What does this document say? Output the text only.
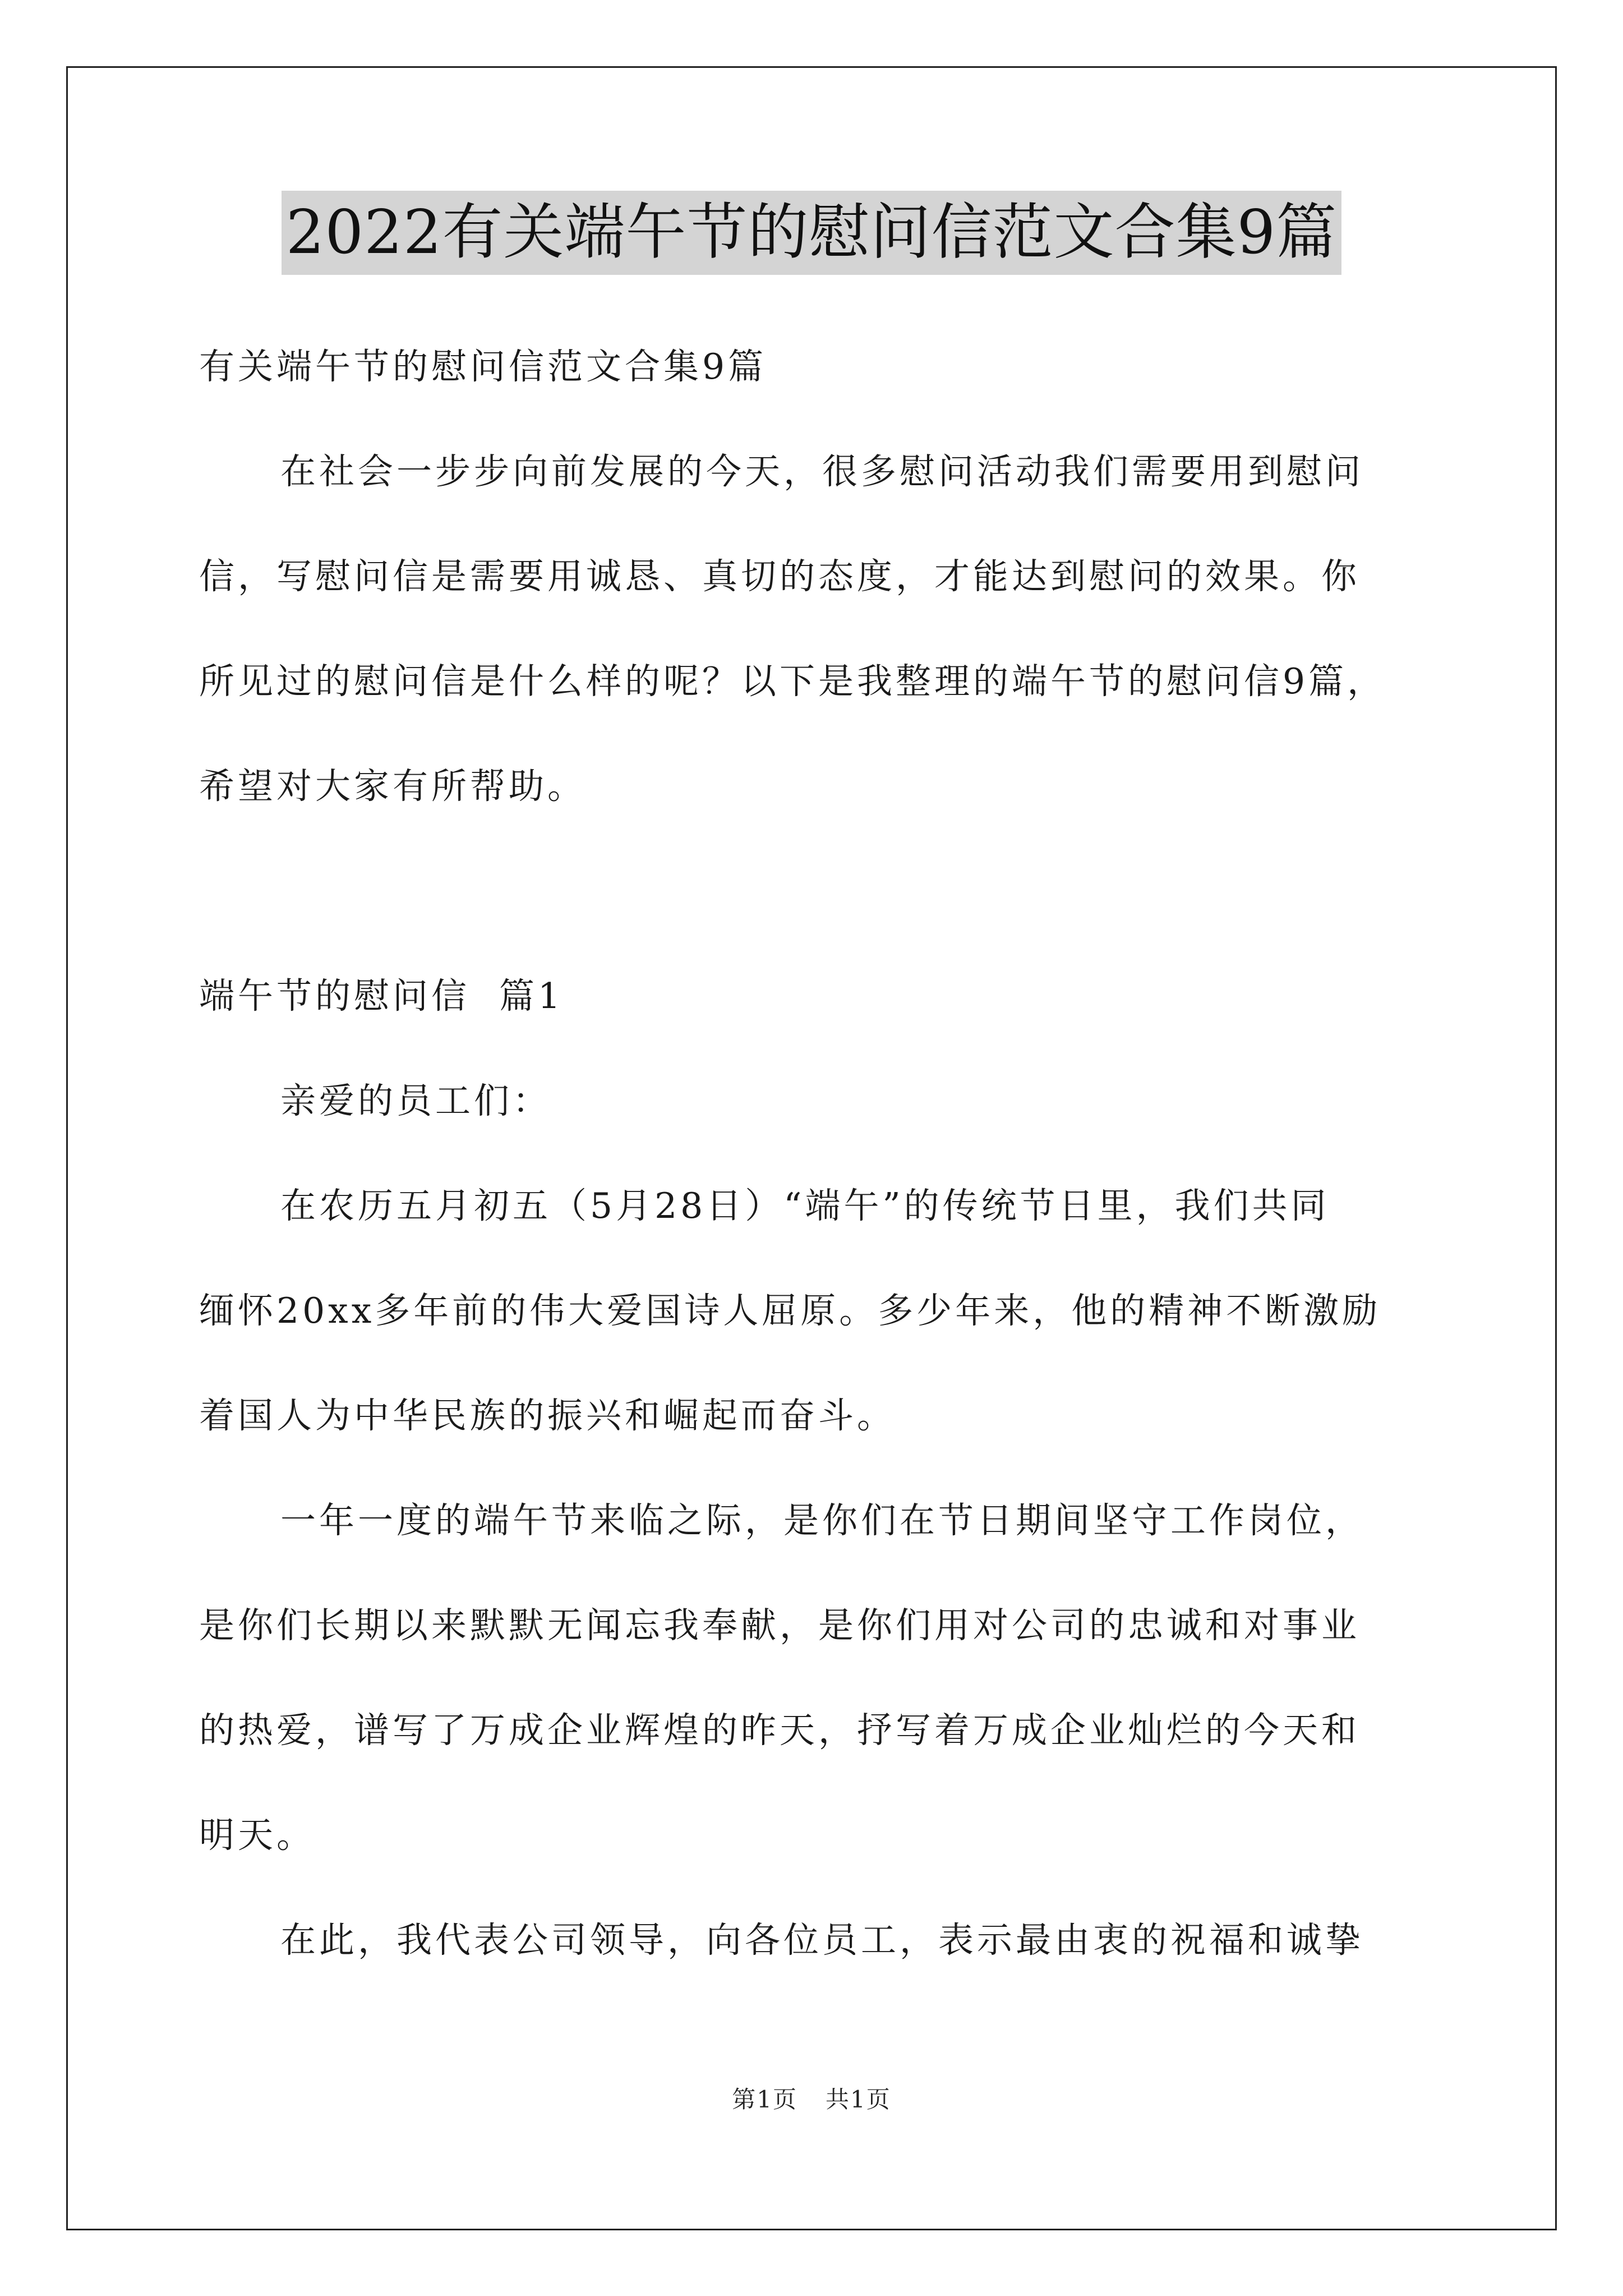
2022有关端午节的慰问信范文合集9篇

有关端午节的慰问信范文合集9篇

在社会一步步向前发展的今天，很多慰问活动我们需要用到慰问

信，写慰问信是需要用诚恳、真切的态度，才能达到慰问的效果。你

所见过的慰问信是什么样的呢？以下是我整理的端午节的慰问信9篇，

希望对大家有所帮助。

端午节的慰问信  篇1

亲爱的员工们：

在农历五月初五（5月28日）“端午”的传统节日里，我们共同

缅怀20xx多年前的伟大爱国诗人屈原。多少年来，他的精神不断激励

着国人为中华民族的振兴和崛起而奋斗。

一年一度的端午节来临之际，是你们在节日期间坚守工作岗位，

是你们长期以来默默无闻忘我奉献，是你们用对公司的忠诚和对事业

的热爱，谱写了万成企业辉煌的昨天，抒写着万成企业灿烂的今天和

明天。

在此，我代表公司领导，向各位员工，表示最由衷的祝福和诚挚

第1页 共1页
